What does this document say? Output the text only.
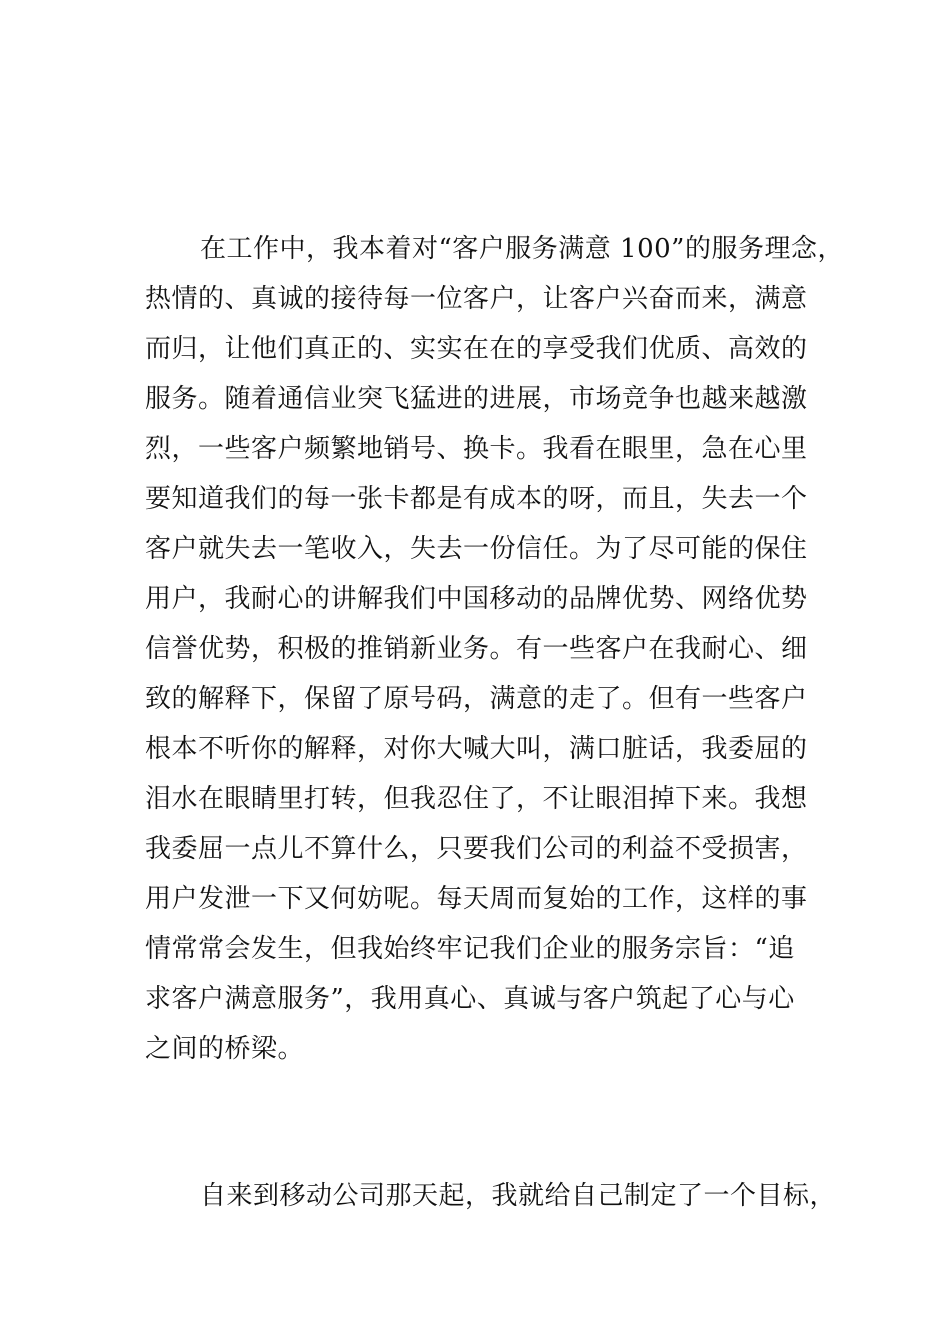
在工作中，我本着对“客户服务满意 100”的服务理念，
热情的、真诚的接待每一位客户，让客户兴奋而来，满意
而归，让他们真正的、实实在在的享受我们优质、高效的
服务。随着通信业突飞猛进的进展，市场竞争也越来越激
烈，一些客户频繁地销号、换卡。我看在眼里，急在心里
要知道我们的每一张卡都是有成本的呀，而且，失去一个
客户就失去一笔收入，失去一份信任。为了尽可能的保住
用户，我耐心的讲解我们中国移动的品牌优势、网络优势
信誉优势，积极的推销新业务。有一些客户在我耐心、细
致的解释下，保留了原号码，满意的走了。但有一些客户
根本不听你的解释，对你大喊大叫，满口脏话，我委屈的
泪水在眼睛里打转，但我忍住了，不让眼泪掉下来。我想
我委屈一点儿不算什么，只要我们公司的利益不受损害，
用户发泄一下又何妨呢。每天周而复始的工作，这样的事
情常常会发生，但我始终牢记我们企业的服务宗旨：“追
求客户满意服务”，我用真心、真诚与客户筑起了心与心
之间的桥梁。
自来到移动公司那天起，我就给自己制定了一个目标，
